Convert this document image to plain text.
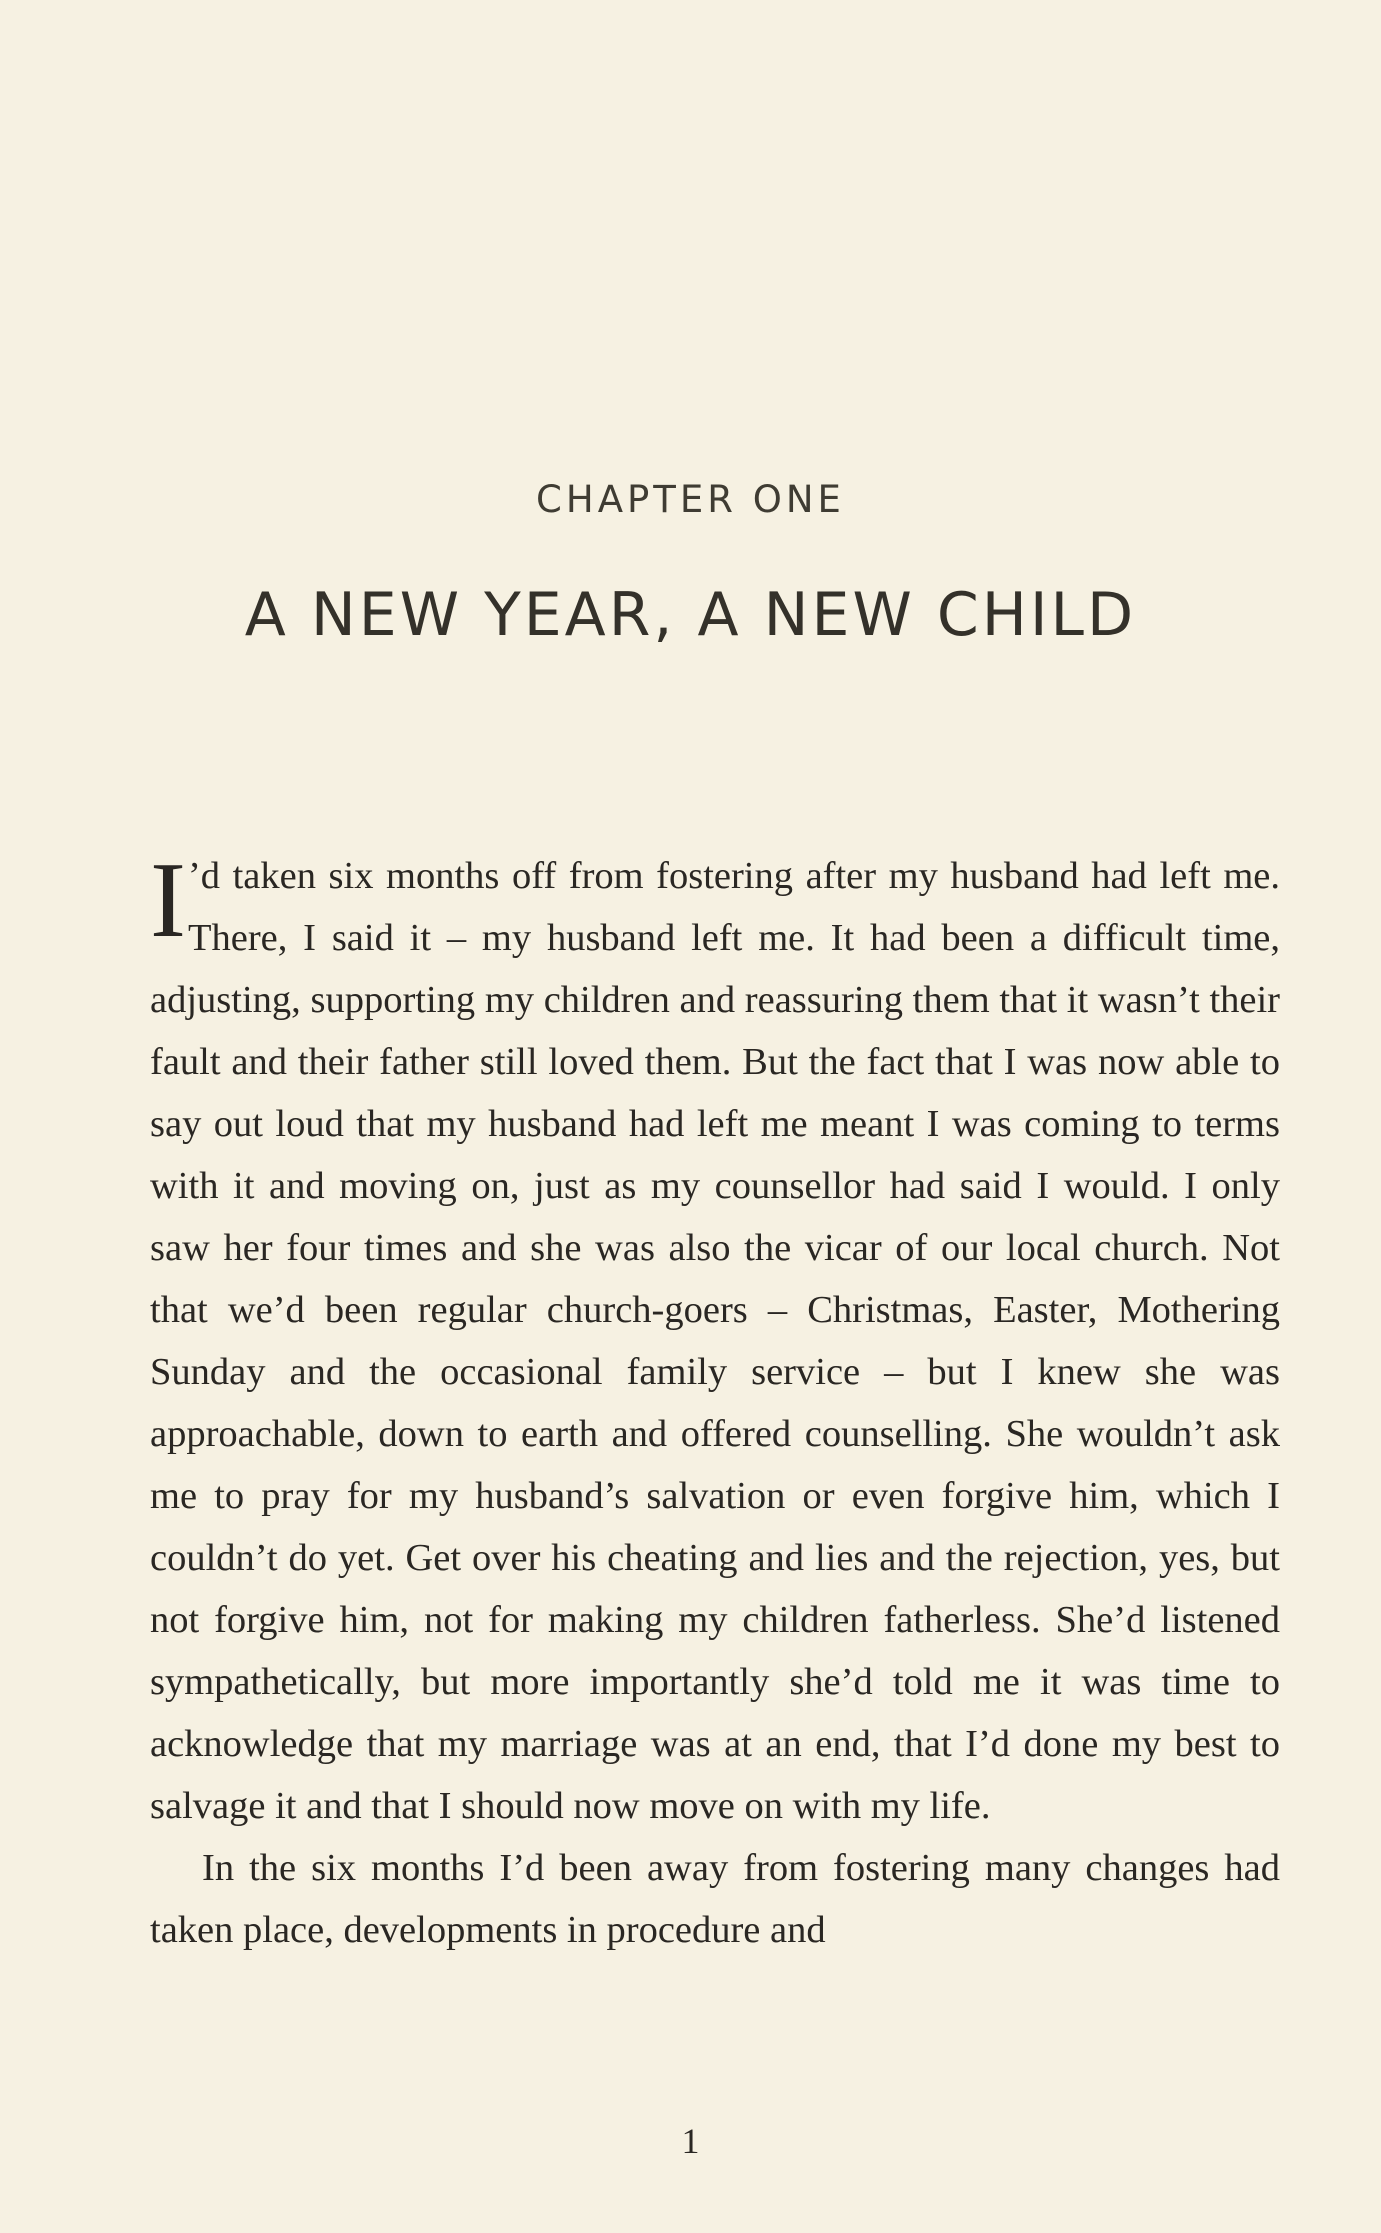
CHAPTER ONE
A NEW YEAR, A NEW CHILD

I ’d taken six months off from fostering after my husband had left me. There, I said it – my husband left me. It had been a difficult time, adjusting, supporting my children and reassuring them that it wasn’t their fault and their father still loved them. But the fact that I was now able to say out loud that my husband had left me meant I was coming to terms with it and moving on, just as my counsellor had said I would. I only saw her four times and she was also the vicar of our local church. Not that we’d been regular church-goers – Christmas, Easter, Mothering Sunday and the occasional family service – but I knew she was approachable, down to earth and offered counselling. She wouldn’t ask me to pray for my husband’s salvation or even forgive him, which I couldn’t do yet. Get over his cheating and lies and the rejection, yes, but not forgive him, not for making my children fatherless. She’d listened sympathetically, but more importantly she’d told me it was time to acknowledge that my marriage was at an end, that I’d done my best to salvage it and that I should now move on with my life.

In the six months I’d been away from fostering many changes had taken place, developments in procedure and

1
